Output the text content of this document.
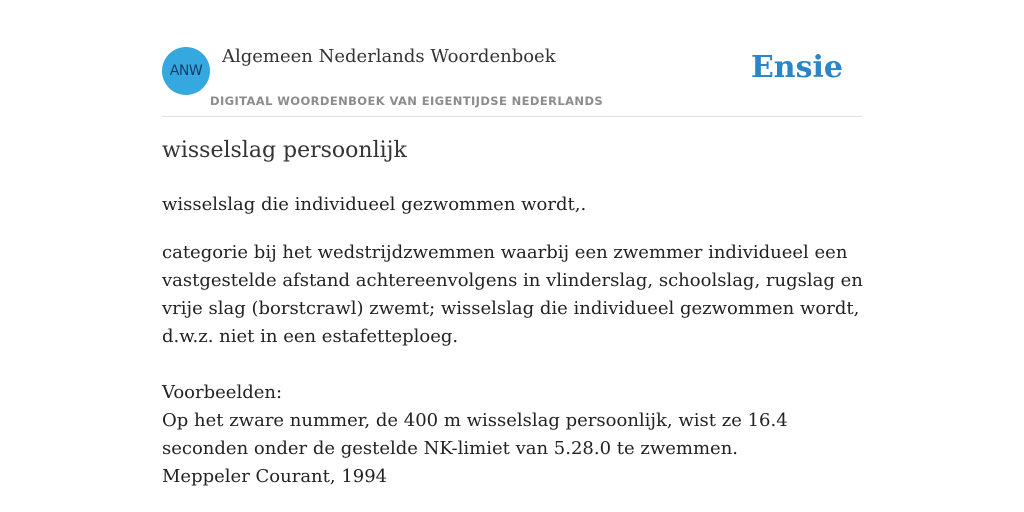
ANW
Algemeen Nederlands Woordenboek
DIGITAAL WOORDENBOEK VAN EIGENTIJDSE NEDERLANDS
Ensie
wisselslag persoonlijk
wisselslag die individueel gezwommen wordt,.
categorie bij het wedstrijdzwemmen waarbij een zwemmer individueel een vastgestelde afstand achtereenvolgens in vlinderslag, schoolslag, rugslag en vrije slag (borstcrawl) zwemt; wisselslag die individueel gezwommen wordt, d.w.z. niet in een estafetteploeg.
Voorbeelden:
Op het zware nummer, de 400 m wisselslag persoonlijk, wist ze 16.4 seconden onder de gestelde NK-limiet van 5.28.0 te zwemmen.
Meppeler Courant, 1994
